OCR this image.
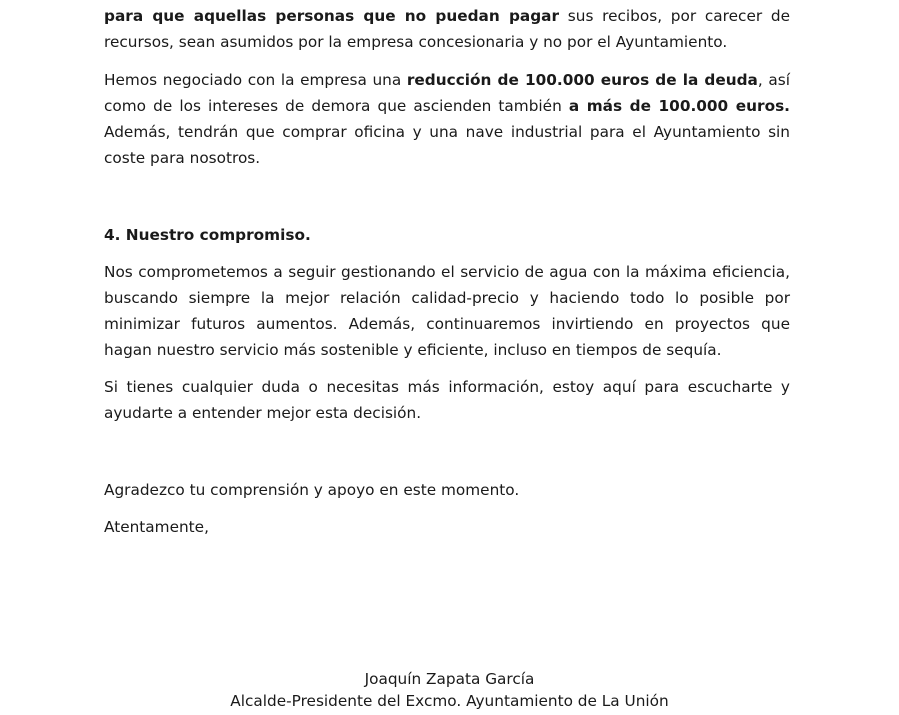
para que aquellas personas que no puedan pagar sus recibos, por carecer de recursos, sean asumidos por la empresa concesionaria y no por el Ayuntamiento.

Hemos negociado con la empresa una reducción de 100.000 euros de la deuda, así como de los intereses de demora que ascienden también a más de 100.000 euros. Además, tendrán que comprar oficina y una nave industrial para el Ayuntamiento sin coste para nosotros.

4. Nuestro compromiso.

Nos comprometemos a seguir gestionando el servicio de agua con la máxima eficiencia, buscando siempre la mejor relación calidad-precio y haciendo todo lo posible por minimizar futuros aumentos. Además, continuaremos invirtiendo en proyectos que hagan nuestro servicio más sostenible y eficiente, incluso en tiempos de sequía.

Si tienes cualquier duda o necesitas más información, estoy aquí para escucharte y ayudarte a entender mejor esta decisión.

Agradezco tu comprensión y apoyo en este momento.

Atentamente,

Joaquín Zapata García

Alcalde-Presidente del Excmo. Ayuntamiento de La Unión
